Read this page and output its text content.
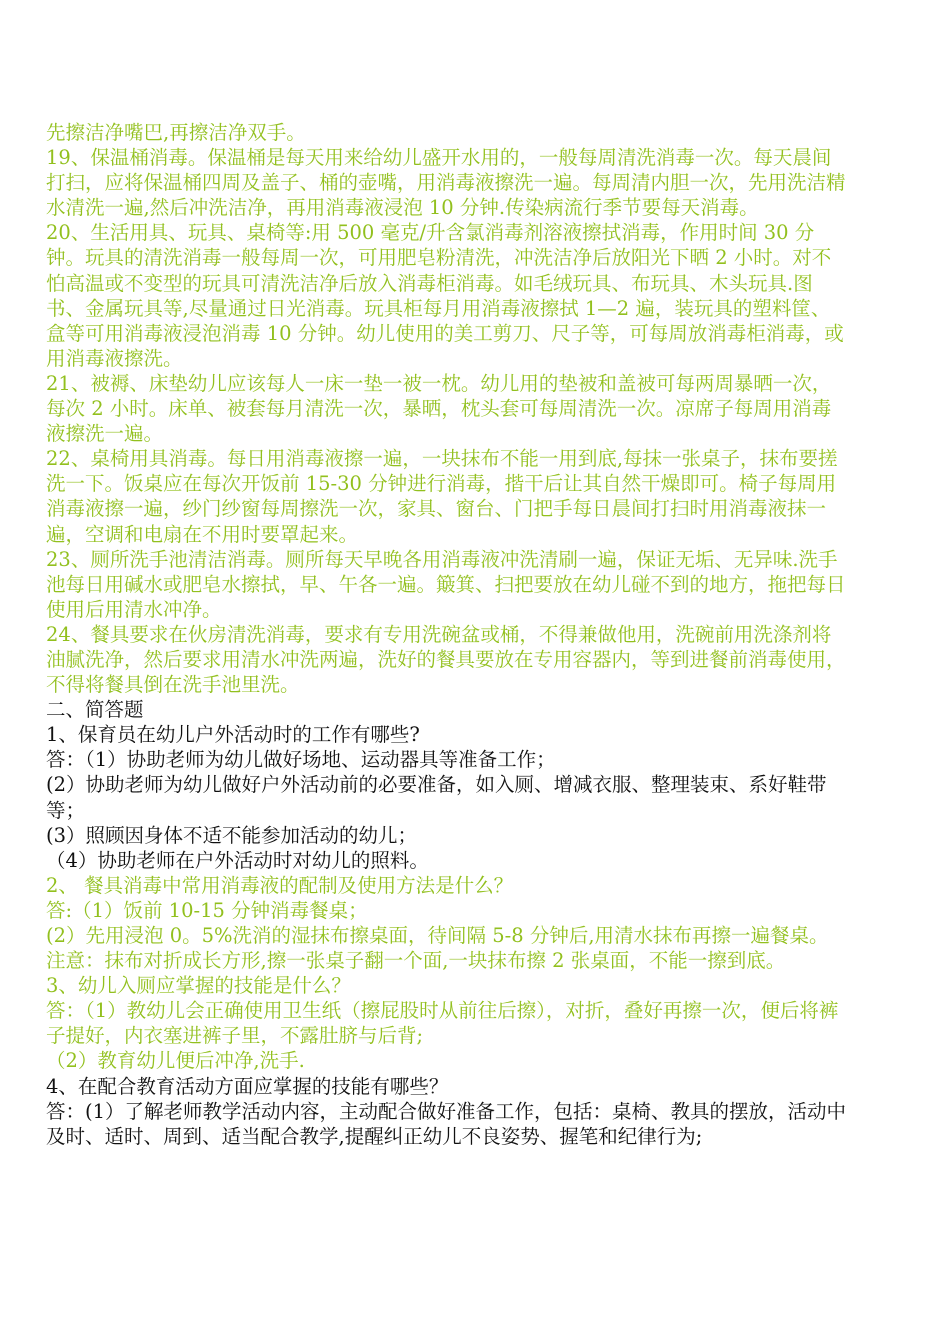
先擦洁净嘴巴,再擦洁净双手。

19、保温桶消毒。保温桶是每天用来给幼儿盛开水用的，一般每周清洗消毒一次。每天晨间打扫，应将保温桶四周及盖子、桶的壶嘴，用消毒液擦洗一遍。每周清内胆一次，先用洗洁精水清洗一遍,然后冲洗洁净，再用消毒液浸泡 10 分钟.传染病流行季节要每天消毒。

20、生活用具、玩具、桌椅等:用 500 毫克/升含氯消毒剂溶液擦拭消毒，作用时间 30 分钟。玩具的清洗消毒一般每周一次，可用肥皂粉清洗，冲洗洁净后放阳光下晒 2 小时。对不怕高温或不变型的玩具可清洗洁净后放入消毒柜消毒。如毛绒玩具、布玩具、木头玩具.图书、金属玩具等,尽量通过日光消毒。玩具柜每月用消毒液擦拭 1—2 遍，装玩具的塑料筐、盒等可用消毒液浸泡消毒 10 分钟。幼儿使用的美工剪刀、尺子等，可每周放消毒柜消毒，或用消毒液擦洗。

21、被褥、床垫幼儿应该每人一床一垫一被一枕。幼儿用的垫被和盖被可每两周暴晒一次，每次 2 小时。床单、被套每月清洗一次，暴晒，枕头套可每周清洗一次。凉席子每周用消毒液擦洗一遍。

22、桌椅用具消毒。每日用消毒液擦一遍，一块抹布不能一用到底,每抹一张桌子，抹布要搓洗一下。饭桌应在每次开饭前 15-30 分钟进行消毒，揩干后让其自然干燥即可。椅子每周用消毒液擦一遍，纱门纱窗每周擦洗一次，家具、窗台、门把手每日晨间打扫时用消毒液抹一遍，空调和电扇在不用时要罩起来。

23、厕所洗手池清洁消毒。厕所每天早晚各用消毒液冲洗清刷一遍，保证无垢、无异味.洗手池每日用碱水或肥皂水擦拭，早、午各一遍。簸箕、扫把要放在幼儿碰不到的地方，拖把每日使用后用清水冲净。

24、餐具要求在伙房清洗消毒，要求有专用洗碗盆或桶，不得兼做他用，洗碗前用洗涤剂将油腻洗净，然后要求用清水冲洗两遍，洗好的餐具要放在专用容器内，等到进餐前消毒使用，不得将餐具倒在洗手池里洗。

二、简答题

1、保育员在幼儿户外活动时的工作有哪些?

答：（1）协助老师为幼儿做好场地、运动器具等准备工作；

(2）协助老师为幼儿做好户外活动前的必要准备，如入厕、增减衣服、整理装束、系好鞋带等；

(3）照顾因身体不适不能参加活动的幼儿；

（4）协助老师在户外活动时对幼儿的照料。

2、 餐具消毒中常用消毒液的配制及使用方法是什么？

答:（1）饭前 10-15 分钟消毒餐桌；

(2）先用浸泡 0。5%洗消的湿抹布擦桌面，待间隔 5-8 分钟后,用清水抹布再擦一遍餐桌。注意：抹布对折成长方形,擦一张桌子翻一个面,一块抹布擦 2 张桌面，不能一擦到底。

3、幼儿入厕应掌握的技能是什么？

答：（1）教幼儿会正确使用卫生纸（擦屁股时从前往后擦），对折，叠好再擦一次，便后将裤子提好，内衣塞进裤子里，不露肚脐与后背;

（2）教育幼儿便后冲净,洗手.

4、在配合教育活动方面应掌握的技能有哪些？

答：(1）了解老师教学活动内容，主动配合做好准备工作，包括：桌椅、教具的摆放，活动中及时、适时、周到、适当配合教学,提醒纠正幼儿不良姿势、握笔和纪律行为;
